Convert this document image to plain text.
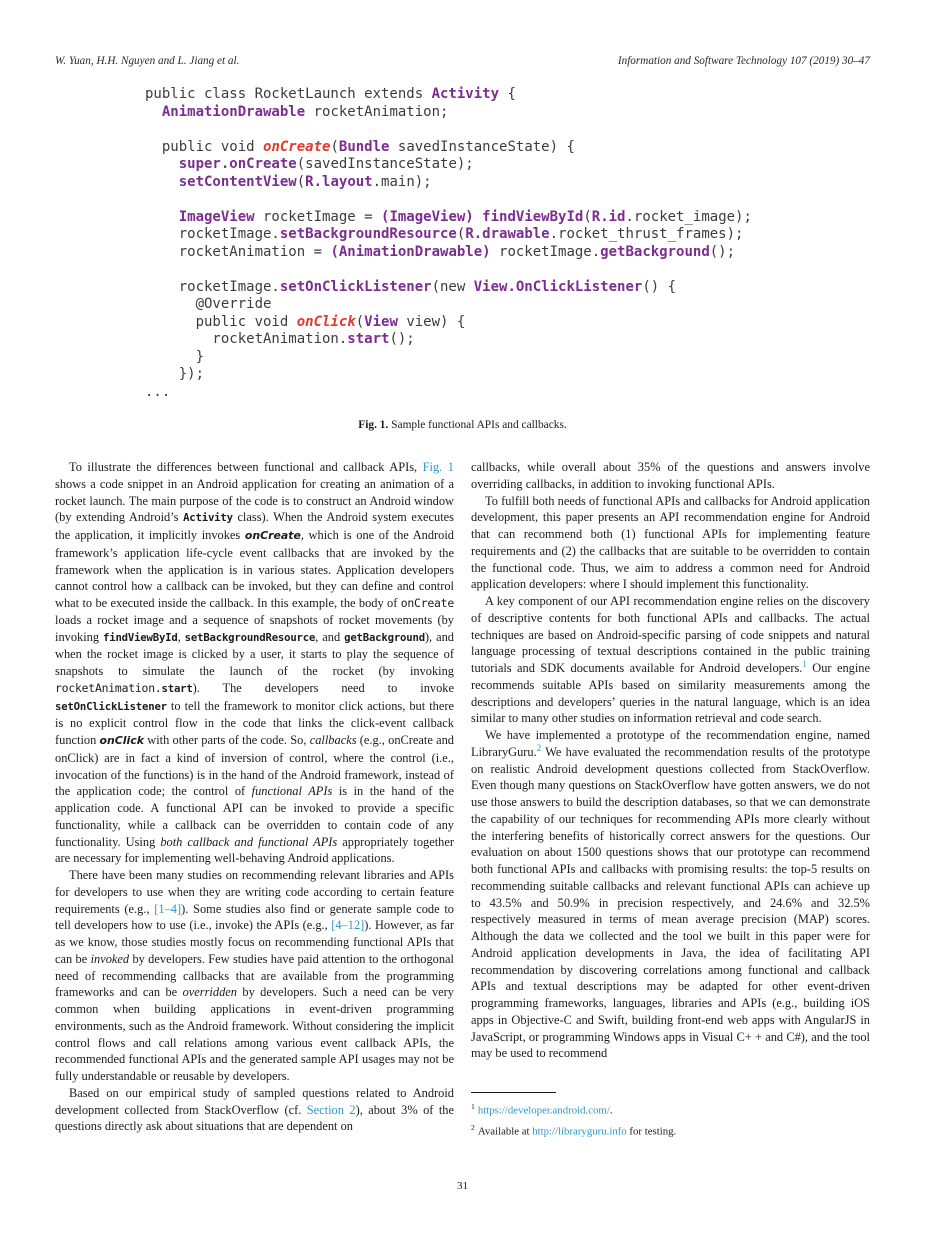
W. Yuan, H.H. Nguyen and L. Jiang et al.	Information and Software Technology 107 (2019) 30–47
public class RocketLaunch extends Activity {
AnimationDrawable rocketAnimation;

public void onCreate(Bundle savedInstanceState) {
super.onCreate(savedInstanceState);
setContentView(R.layout.main);

ImageView rocketImage = (ImageView) findViewById(R.id.rocket_image);
rocketImage.setBackgroundResource(R.drawable.rocket_thrust_frames);
rocketAnimation = (AnimationDrawable) rocketImage.getBackground();

rocketImage.setOnClickListener(new View.OnClickListener() {
@Override
public void onClick(View view) {
rocketAnimation.start();
}
});
...
Fig. 1. Sample functional APIs and callbacks.

To illustrate the differences between functional and callback APIs, Fig. 1 shows a code snippet in an Android application for creating an animation of a rocket launch. The main purpose of the code is to construct an Android window (by extending Android’s Activity class). When the Android system executes the application, it implicitly invokes onCreate, which is one of the Android framework’s application life-cycle event callbacks that are invoked by the framework when the application is in various states. Application developers cannot control how a callback can be invoked, but they can define and control what to be executed inside the callback. In this example, the body of onCreate loads a rocket image and a sequence of snapshots of rocket movements (by invoking findViewById, setBackgroundResource, and getBackground), and when the rocket image is clicked by a user, it starts to play the sequence of snapshots to simulate the launch of the rocket (by invoking rocketAnimation.start). The developers need to invoke setOnClickListener to tell the framework to monitor click actions, but there is no explicit control flow in the code that links the click-event callback function onClick with other parts of the code. So, callbacks (e.g., onCreate and onClick) are in fact a kind of inversion of control, where the control (i.e., invocation of the functions) is in the hand of the Android framework, instead of the application code; the control of functional APIs is in the hand of the application code. A functional API can be invoked to provide a specific functionality, while a callback can be overridden to contain code of any functionality. Using both callback and functional APIs appropriately together are necessary for implementing well-behaving Android applications.

There have been many studies on recommending relevant libraries and APIs for developers to use when they are writing code according to certain feature requirements (e.g., [1–4]). Some studies also find or generate sample code to tell developers how to use (i.e., invoke) the APIs (e.g., [4–12]). However, as far as we know, those studies mostly focus on recommending functional APIs that can be invoked by developers. Few studies have paid attention to the orthogonal need of recommending callbacks that are available from the programming frameworks and can be overridden by developers. Such a need can be very common when building applications in event-driven programming environments, such as the Android framework. Without considering the implicit control flows and call relations among various event callback APIs, the recommended functional APIs and the generated sample API usages may not be fully understandable or reusable by developers.

Based on our empirical study of sampled questions related to Android development collected from StackOverflow (cf. Section 2), about 3% of the questions directly ask about situations that are dependent on

callbacks, while overall about 35% of the questions and answers involve overriding callbacks, in addition to invoking functional APIs.

To fulfill both needs of functional APIs and callbacks for Android application development, this paper presents an API recommendation engine for Android that can recommend both (1) functional APIs for implementing feature requirements and (2) the callbacks that are suitable to be overridden to contain the functional code. Thus, we aim to address a common need for Android application developers: where I should implement this functionality.

A key component of our API recommendation engine relies on the discovery of descriptive contents for both functional APIs and callbacks. The actual techniques are based on Android-specific parsing of code snippets and natural language processing of textual descriptions contained in the public training tutorials and SDK documents available for Android developers.$^1$ Our engine recommends suitable APIs based on similarity measurements among the descriptions and developers’ queries in the natural language, which is an idea similar to many other studies on information retrieval and code search.

We have implemented a prototype of the recommendation engine, named LibraryGuru.$^2$ We have evaluated the recommendation results of the prototype on realistic Android development questions collected from StackOverflow. Even though many questions on StackOverflow have gotten answers, we do not use those answers to build the description databases, so that we can demonstrate the capability of our techniques for recommending APIs more clearly without the interfering benefits of historically correct answers for the questions. Our evaluation on about 1500 questions shows that our prototype can recommend both functional APIs and callbacks with promising results: the top-5 results on recommending suitable callbacks and relevant functional APIs can achieve up to 43.5% and 50.9% in precision respectively, and 24.6% and 32.5% respectively measured in terms of mean average precision (MAP) scores. Although the data we collected and the tool we built in this paper were for Android application developments in Java, the idea of facilitating API recommendation by discovering correlations among functional and callback APIs and textual descriptions may be adapted for other event-driven programming frameworks, languages, libraries and APIs (e.g., building iOS apps in Objective-C and Swift, building front-end web apps with AngularJS in JavaScript, or programming Windows apps in Visual C+ + and C#), and the tool may be used to recommend

$^1$ https://developer.android.com/.
$^2$ Available at http://libraryguru.info for testing.
31
